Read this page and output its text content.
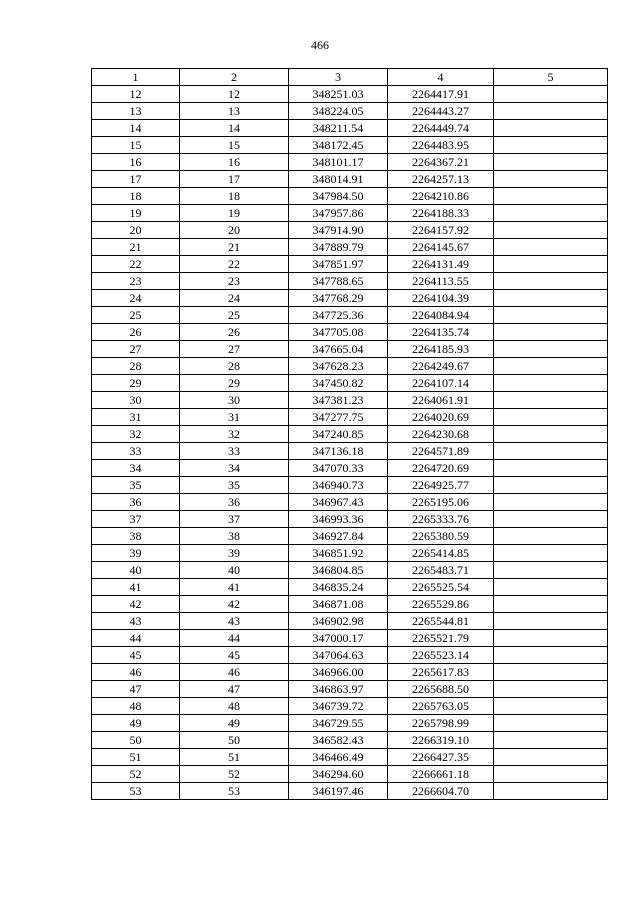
466
1	2	3	4	5
12	12	348251.03	2264417.91	
13	13	348224.05	2264443.27	
14	14	348211.54	2264449.74	
15	15	348172.45	2264483.95	
16	16	348101.17	2264367.21	
17	17	348014.91	2264257.13	
18	18	347984.50	2264210.86	
19	19	347957.86	2264188.33	
20	20	347914.90	2264157.92	
21	21	347889.79	2264145.67	
22	22	347851.97	2264131.49	
23	23	347788.65	2264113.55	
24	24	347768.29	2264104.39	
25	25	347725.36	2264084.94	
26	26	347705.08	2264135.74	
27	27	347665.04	2264185.93	
28	28	347628.23	2264249.67	
29	29	347450.82	2264107.14	
30	30	347381.23	2264061.91	
31	31	347277.75	2264020.69	
32	32	347240.85	2264230.68	
33	33	347136.18	2264571.89	
34	34	347070.33	2264720.69	
35	35	346940.73	2264925.77	
36	36	346967.43	2265195.06	
37	37	346993.36	2265333.76	
38	38	346927.84	2265380.59	
39	39	346851.92	2265414.85	
40	40	346804.85	2265483.71	
41	41	346835.24	2265525.54	
42	42	346871.08	2265529.86	
43	43	346902.98	2265544.81	
44	44	347000.17	2265521.79	
45	45	347064.63	2265523.14	
46	46	346966.00	2265617.83	
47	47	346863.97	2265688.50	
48	48	346739.72	2265763.05	
49	49	346729.55	2265798.99	
50	50	346582.43	2266319.10	
51	51	346466.49	2266427.35	
52	52	346294.60	2266661.18	
53	53	346197.46	2266604.70	
